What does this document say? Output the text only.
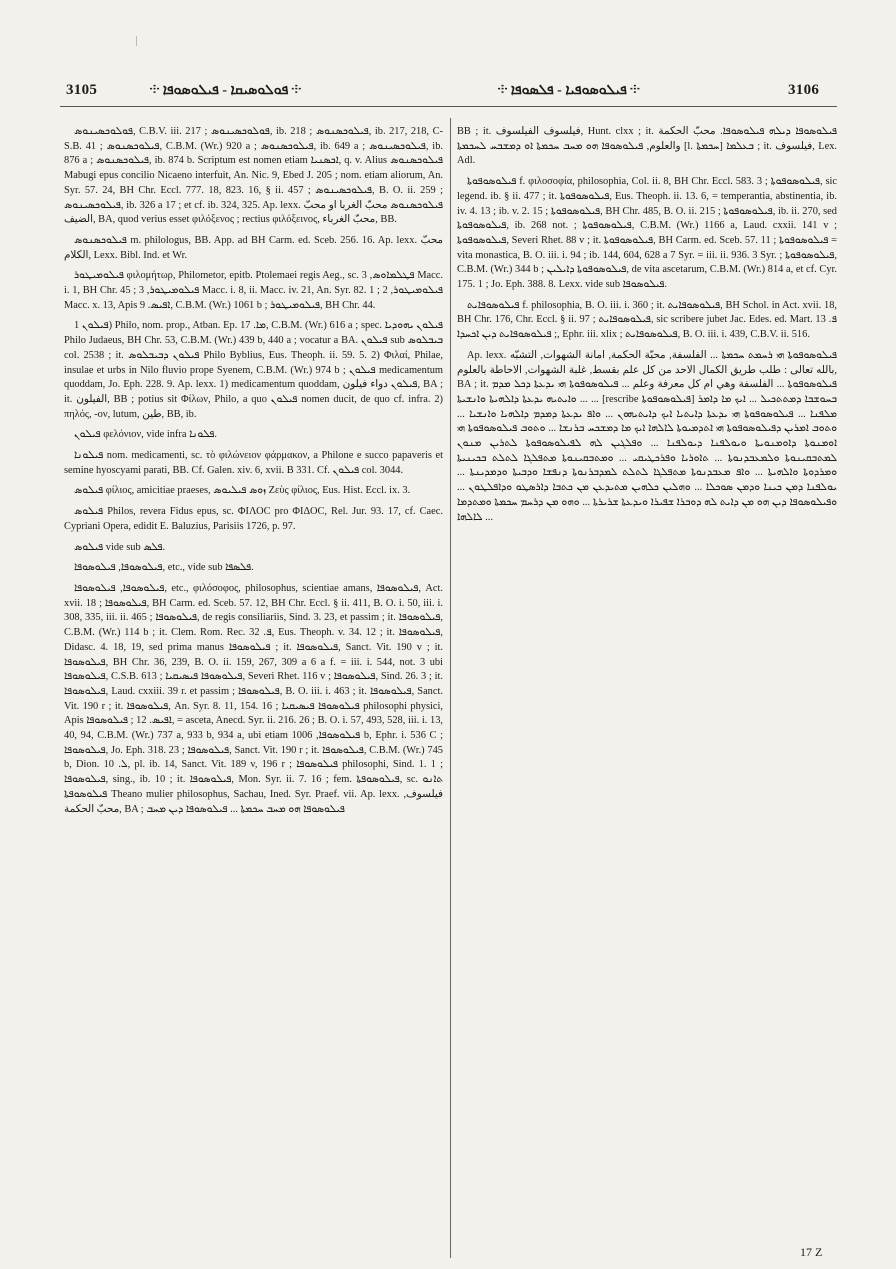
3105	⸭ ܦܘܠܘܣܝܩܐ - ܦܝܠܘܣܘܦܐ ⸭	⸭ ܦܝܠܘܣܘܦܝܐ - ܦܠܣܘܦܐ ⸭	3106

ܦܘܠܘܟܣܝܢܘܣ, C.B.V. iii. 217 ; ܦܘܠܘܟܣܝܢܘܣ, ib. 218 ; ܦܝܠܘܟܣܢܘܣ, ib. 217, 218, C-S.B. 41 ; ܦܝܠܘܟܣܢܘܣ, C.B.M. (Wr.) 920 a ; ܦܝܠܘܟܣܢܘܣ, ib. 649 a ; ܦܝܠܘܟܣܝܢܘܣ, ib. 876 a ; ܦܝܠܘܟܣܢܘܣ, ib. 874 b. Scriptum est nomen etiam ܐܟܣܢܝܐ, q. v. Alius ܦܝܠܘܟܣܢܘܣ Mabugi epus concilio Nicaeno interfuit, An. Nic. 9, Ebed J. 205 ; nom. etiam aliorum, An. Syr. 57. 24, BH Chr. Eccl. 777. 18, 823. 16, § ii. 457 ; ܦܝܠܘܟܣܝܢܘܣ, B. O. ii. 259 ; ܦܝܠܘܟܣܝܢܘܣ, ib. 326 a 17 ; et cf. ib. 324, 325. Ap. lexx. ܦܝܠܘܟܣܢܘܣ محبّ الغربا او محبّ الضيف, BA, quod verius esset φιλόξενος ; rectius φιλόξεινος, محبّ الغرباء, BB.

ܦܝܠܘܟܣܢܘܣ m. philologus, BB. App. ad BH Carm. ed. Sceb. 256. 16. Ap. lexx. محبّ الكلام, Lexx. Bibl. Ind. et Wr.

ܦܝܠܘܡܝܛܘܪ φιλομήτωρ, Philometor, epitb. Ptolemaei regis Aeg., sc. ܦܛܠܡܐܘܣ, 3 Macc. i. 1, BH Chr. 45 ; ܦܝܠܘܡܝܛܘܪ, 3 Macc. i. 8, ii. Macc. iv. 21, An. Syr. 82. 1 ; ܦܝܠܘܡܝܛܘܪ, 2 Macc. x. 13, Apis ܐܦܝܣ. 9, C.B.M. (Wr.) 1061 b ; ܦܝܠܘܡܝܛܘܪ, BH Chr. 44.

ܦܝܠܘܢ 1) Philo, nom. prop., Atban. Ep. ܡܐ. 17, C.B.M. (Wr.) 616 a ; spec. ܦܝܠܘܢ ܝܗܘܕܝܐ Philo Judaeus, BH Chr. 53, C.B.M. (Wr.) 439 b, 440 a ; vocatur a BA. ܦܝܠܘܢ sub ܒܝܒܠܘܣ col. 2538 ; it. ܦܝܠܘܢ ܕܒܝܒܠܘܣ Philo Byblius, Eus. Theoph. ii. 59. 5. 2) Φιλαί, Philae, insulae et urbs in Nilo fluvio prope Syenem, C.B.M. (Wr.) 974 b ; ܦܝܠܘܢ medicamentum quoddam, Jo. Eph. 228. 9. Ap. lexx. 1) medicamentum quoddam, ܦܝܠܘܢ دواء فيلون, BA ; it. الفيلون, BB ; potius sit Φίλων, Philo, a quo ܦܝܠܘܢ nomen ducit, de quo cf. infra. 2) πηλός, -ον, lutum, طين, BB, ib.

ܦܝܠܘܢ φελόνιον, vide infra ܦܠܘܢܐ.

ܦܝܠܘܢܐ nom. medicamenti, sc. τὸ φιλώνειον φάρμακον, a Philone e succo papaveris et semine hyoscyami parati, BB. Cf. Galen. xiv. 6, xvii. B 331. Cf. ܦܝܠܘܢ col. 3044.

ܦܝܠܘܣ φίλιος, amicitiae praeses, ܙܘܣ ܦܝܠܝܘܣ Ζεὺς φίλιος, Eus. Hist. Eccl. ix. 3.

ܦܝܠܘܣ Philos, revera Fidus epus, sc. ΦΙΛΟϹ pro ΦΙΔΟϹ, Rel. Jur. 93. 17, cf. Caec. Cypriani Opera, edidit E. Baluzius, Parisiis 1726, p. 97.

ܦܝܠܘܣ vide sub ܦܠܣ.

ܦܝܠܘܣܘܦܐ, ܦܝܠܘܣܘܦܐ, etc., vide sub ܦܠܣܦܐ.

ܦܝܠܘܣܘܦܐ, ܦܝܠܘܣܘܦܐ, etc., φιλόσοφος, philosophus, scientiae amans, ܦܝܠܘܣܘܦܐ, Act. xvii. 18 ; ܦܝܠܘܣܘܦܐ, BH Carm. ed. Sceb. 57. 12, BH Chr. Eccl. § ii. 411, B. O. i. 50, iii. i. 308, 335, iii. ii. 465 ; ܦܝܠܘܣܘܦܐ, de regis consiliariis, Sind. 3. 23, et passim ; it. ܦܝܠܘܣܘܦܐ, C.B.M. (Wr.) 114 b ; it. Clem. Rom. Rec. ܦ. 32, Eus. Theoph. v. 34. 12 ; it. ܦܝܠܘܣܘܦܐ, Didasc. 4. 18, 19, sed prima manus ܦܝܠܘܣܘܦܐ ; it. ܦܝܠܘܣܘܦܐ, Sanct. Vit. 190 v ; it. ܦܝܠܘܣܘܦܐ, BH Chr. 36, 239, B. O. ii. 159, 267, 309 a 6 a f. = iii. i. 544, not. 3 ubi ܦܝܠܘܣܘܦܐ, C.S.B. 613 ; ܦܝܠܘܣܘܦܐ ܦܝܣܝܩܝܐ, Severi Rhet. 116 v ; ܦܝܠܘܣܘܦܐ, Sind. 26. 3 ; it. ܦܝܠܘܣܘܦܐ, Laud. cxxiii. 39 r. et passim ; ܦܝܠܘܣܘܦܐ, B. O. iii. i. 463 ; it. ܦܝܠܘܣܘܦܐ, Sanct. Vit. 190 r ; it. ܦܝܠܘܣܘܦܐ, An. Syr. 8. 11, 154. 16 ; ܦܝܠܘܣܘܦܐ ܦܝܣܝܩܝܐ philosophi physici, Apis ܐܦܝܣ. 12 ; ܦܝܠܘܣܘܦܐ, = asceta, Anecd. Syr. ii. 216. 26 ; B. O. i. 57, 493, 528, iii. i. 13, 40, 94, C.B.M. (Wr.) 737 a, 933 b, 934 a, ubi etiam ܦܝܠܘܣܘܦܐ, 1006 b, Ephr. i. 536 C ; ܦܝܠܘܣܘܦܐ, Jo. Eph. 318. 23 ; ܦܝܠܘܣܘܦܐ, Sanct. Vit. 190 r ; it. ܦܝܠܘܣܘܦܐ, C.B.M. (Wr.) 745 b, Dion. ܠ. 10, pl. ib. 14, Sanct. Vit. 189 v, 196 r ; ܦܝܠܘܣܘܦܐ philosophi, Sind. 1. 1 ; ܦܝܠܘܣܘܦܐ, sing., ib. 10 ; it. ܦܝܠܘܣܘܦܐ, Mon. Syr. ii. 7. 16 ; fem. ܦܝܠܘܣܘܦܬܐ, sc. ܬܐܢܘ ܦܝܠܘܣܘܦܬܐ Theano mulier philosophus, Sachau, Ined. Syr. Praef. vii. Ap. lexx. فيلسوف, محبّ الحكمة, BA ; ܦܝܠܘܣܘܦܐ ܗܘ ܡܚܒ ܚܟܡܬܐ ... ܦܝܠܘܣܘܦܐ ܕܝܢ ܡܚܒ

BB ; it. فيلسوف الفيلسوف, Hunt. clxx ; it. ܦܝܠܘܣܘܦܐ ܕܝܠܗ ܦܝܠܘܣܘܦܐ. محبّ الحكمة والعلوم, ܦܝܠܘܣܘܦܐ ܗܘ ܡܚܒ ܚܟܡܬܐ ܐܘ ܕܡܫܒܚ ܠܚܟܡܬܐ [l. ܚܟܡܬܐ] ܒܥܠܡܐ ; it. فيلسوف, Lex. Adl.

ܦܝܠܘܣܘܦܘܬܐ f. φιλοσοφία, philosophia, Col. ii. 8, BH Chr. Eccl. 583. 3 ; ܦܝܠܘܣܘܦܘܬܐ, sic legend. ib. § ii. 477 ; it. ܦܝܠܘܣܘܦܘܬܐ, Eus. Theoph. ii. 13. 6, = temperantia, abstinentia, ib. iv. 4. 13 ; ib. v. 2. 15 ; ܦܝܠܘܣܘܦܘܬܐ, BH Chr. 485, B. O. ii. 215 ; ܦܝܠܘܣܘܦܘܬܐ, ib. ii. 270, sed ܦܝܠܘܣܘܦܘܬܐ, ib. 268 not. ; ܦܝܠܘܣܘܦܘܬܐ, C.B.M. (Wr.) 1166 a, Laud. cxxii. 141 v ; ܦܝܠܘܣܘܦܘܬܐ, Severi Rhet. 88 v ; it. ܦܝܠܘܣܘܦܘܬܐ, BH Carm. ed. Sceb. 57. 11 ; ܦܝܠܘܣܘܦܘܬܐ = vita monastica, B. O. iii. i. 94 ; ib. 144, 604, 628 a 7 Syr. = iii. ii. 936. 3 Syr. ; ܦܝܠܘܣܘܦܘܬܐ, C.B.M. (Wr.) 344 b ; ܦܝܠܘܣܘܦܘܬܐ ܕܐܝܠܝܢ, de vita ascetarum, C.B.M. (Wr.) 814 a, et cf. Cyr. 175. 1 ; Jo. Eph. 388. 8. Lexx. vide sub ܦܝܠܘܣܘܦܐ.

ܦܝܠܘܣܘܦܐܝܬ f. philosophia, B. O. iii. i. 360 ; it. ܦܝܠܘܣܘܦܐܝܬ, BH Schol. in Act. xvii. 18, BH Chr. 176, Chr. Eccl. § ii. 97 ; ܦܝܠܘܣܘܦܐܝܬ, sic scribere jubet Jac. Edes. ed. Mart. ܦ. 13 ; ܦܝܠܘܣܘܦܐܝܬ ܕܝܢ ܐܟܚܕܐ, Ephr. iii. xlix ; ܦܝܠܘܣܘܦܐܝܬ, B. O. iii. i. 439, C.B.V. ii. 516.

Ap. lexx. ܦܝܠܘܣܘܦܘܬܐ ܗܝ ܪܚܡܬ ܚܟܡܬܐ ... الفلسفة, محبّة الحكمة, امانة الشهوات, التشبّه بالله تعالى : طلب طريق الكمال الاحد من كل علم بقسط, غلبة الشهوات, الاحاطة بالعلوم, BA ; it. ܦܝܠܘܣܘܦܘܬܐ ... الفلسفة وهي ام كل معرفة وعلم ... ܦܝܠܘܣܘܦܘܬܐ ܗܝ ܝܕܥܬܐ ܕܟܠ ܡܕܡ ... ܘܐܝܬܝܗ ܝܕܥܬܐ ܕܐܠܗܝܬܐ ܘܐܢܫܝܬܐ ... [rescribe ܦܝܠܘܣܘܦܘܬܐ] ܒܚܘܫܒܐ ܕܡܬܬܟܝܠ ... ܐܝܟ ܡܐ ܕܐܡܪ ܡܠܦܢܐ ... ܦܝܠܘܣܘܦܘܬܐ ܗܝ ܝܕܥܬܐ ܕܐܝܬܝܐ ܐܝܟ ܕܐܝܬܝܗܘܢ ... ܘܐܦ ܝܕܥܬܐ ܕܡܕܡ ܕܐܠܗܝܐ ܘܐܢܫܝܐ ... ܘܬܘܒ ܐܡܪܝܢ ܕܦܝܠܘܣܘܦܘܬܐ ܗܝ ܐܬܕܡܝܘܬܐ ܠܐܠܗܐ ܐܝܟ ܡܐ ܕܡܫܟܚ ܒܪܢܫܐ ... ܘܬܘܒ ܦܝܠܘܣܘܦܘܬܐ ܗܝ ܐܘܡܢܘܬܐ ܕܐܘܡܢܘܝܬܐ ܘܝܘܠܦܢܐ ܕܝܘܠܦܢܐ ... ܘܦܠܓܝܢ ܠܗ ܠܦܝܠܘܣܘܦܘܬܐ ܠܬܪܝܢ ܡܢܘܢ ܠܡܬܒܩܝܢܘܬܐ ܘܠܡܥܒܕܢܘܬܐ ... ܬܐܘܪܝܐ ܘܦܪܟܛܝܩܝ ... ܘܡܬܒܩܝܢܘܬܐ ܡܬܦܠܓܐ ܠܬܠܬ ܒܟܝܢܝܬܐ ܘܡܪܕܘܬܐ ܘܐܠܗܝܬܐ ... ܘܐܦ ܡܥܒܕܢܘܬܐ ܡܬܦܠܓܐ ܠܬܠܬ ܠܡܕܒܪܢܘܬܐ ܕܢܦܫܐ ܘܕܒܝܬܐ ܘܕܡܕܝܢܬܐ ... ܝܘܠܦܢܐ ܕܡܢ ܟܝܢܐ ܘܕܡܢ ܣܘܟܠܐ ... ܘܗܠܝܢ ܟܠܗܝܢ ܡܬܝܕܥܢ ܡܢ ܟܬܒܐ ܕܐܪܣܛܘ ܘܕܐܦܠܛܘܢ ... ܘܦܝܠܘܣܘܦܐ ܕܝܢ ܗܘ ܡܢ ܕܐܝܬ ܠܗ ܕܘܒܪܐ ܫܦܝܪܐ ܘܝܕܥܬܐ ܫܪܝܪܬܐ ... ܘܗܘ ܡܢ ܕܪܚܡ ܚܟܡܬܐ ܘܡܬܕܡܐ ܠܐܠܗܐ ...

17 Z
